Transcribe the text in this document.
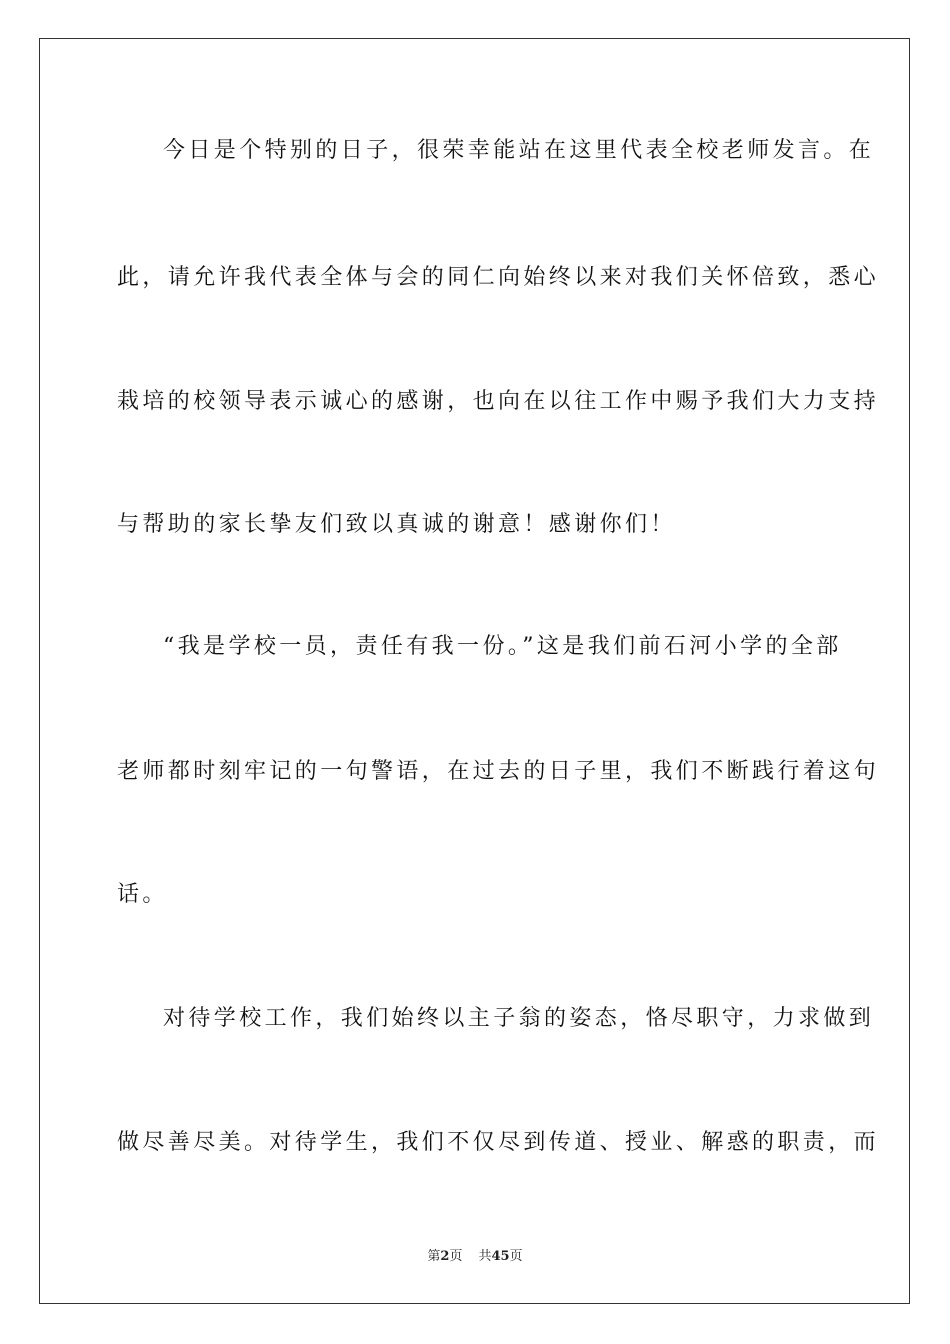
今日是个特别的日子，很荣幸能站在这里代表全校老师发言。在
此，请允许我代表全体与会的同仁向始终以来对我们关怀倍致，悉心
栽培的校领导表示诚心的感谢，也向在以往工作中赐予我们大力支持
与帮助的家长挚友们致以真诚的谢意！感谢你们！
“我是学校一员，责任有我一份。”这是我们前石河小学的全部
老师都时刻牢记的一句警语，在过去的日子里，我们不断践行着这句
话。
对待学校工作，我们始终以主子翁的姿态，恪尽职守，力求做到
做尽善尽美。对待学生，我们不仅尽到传道、授业、解惑的职责，而
第2页 共45页
